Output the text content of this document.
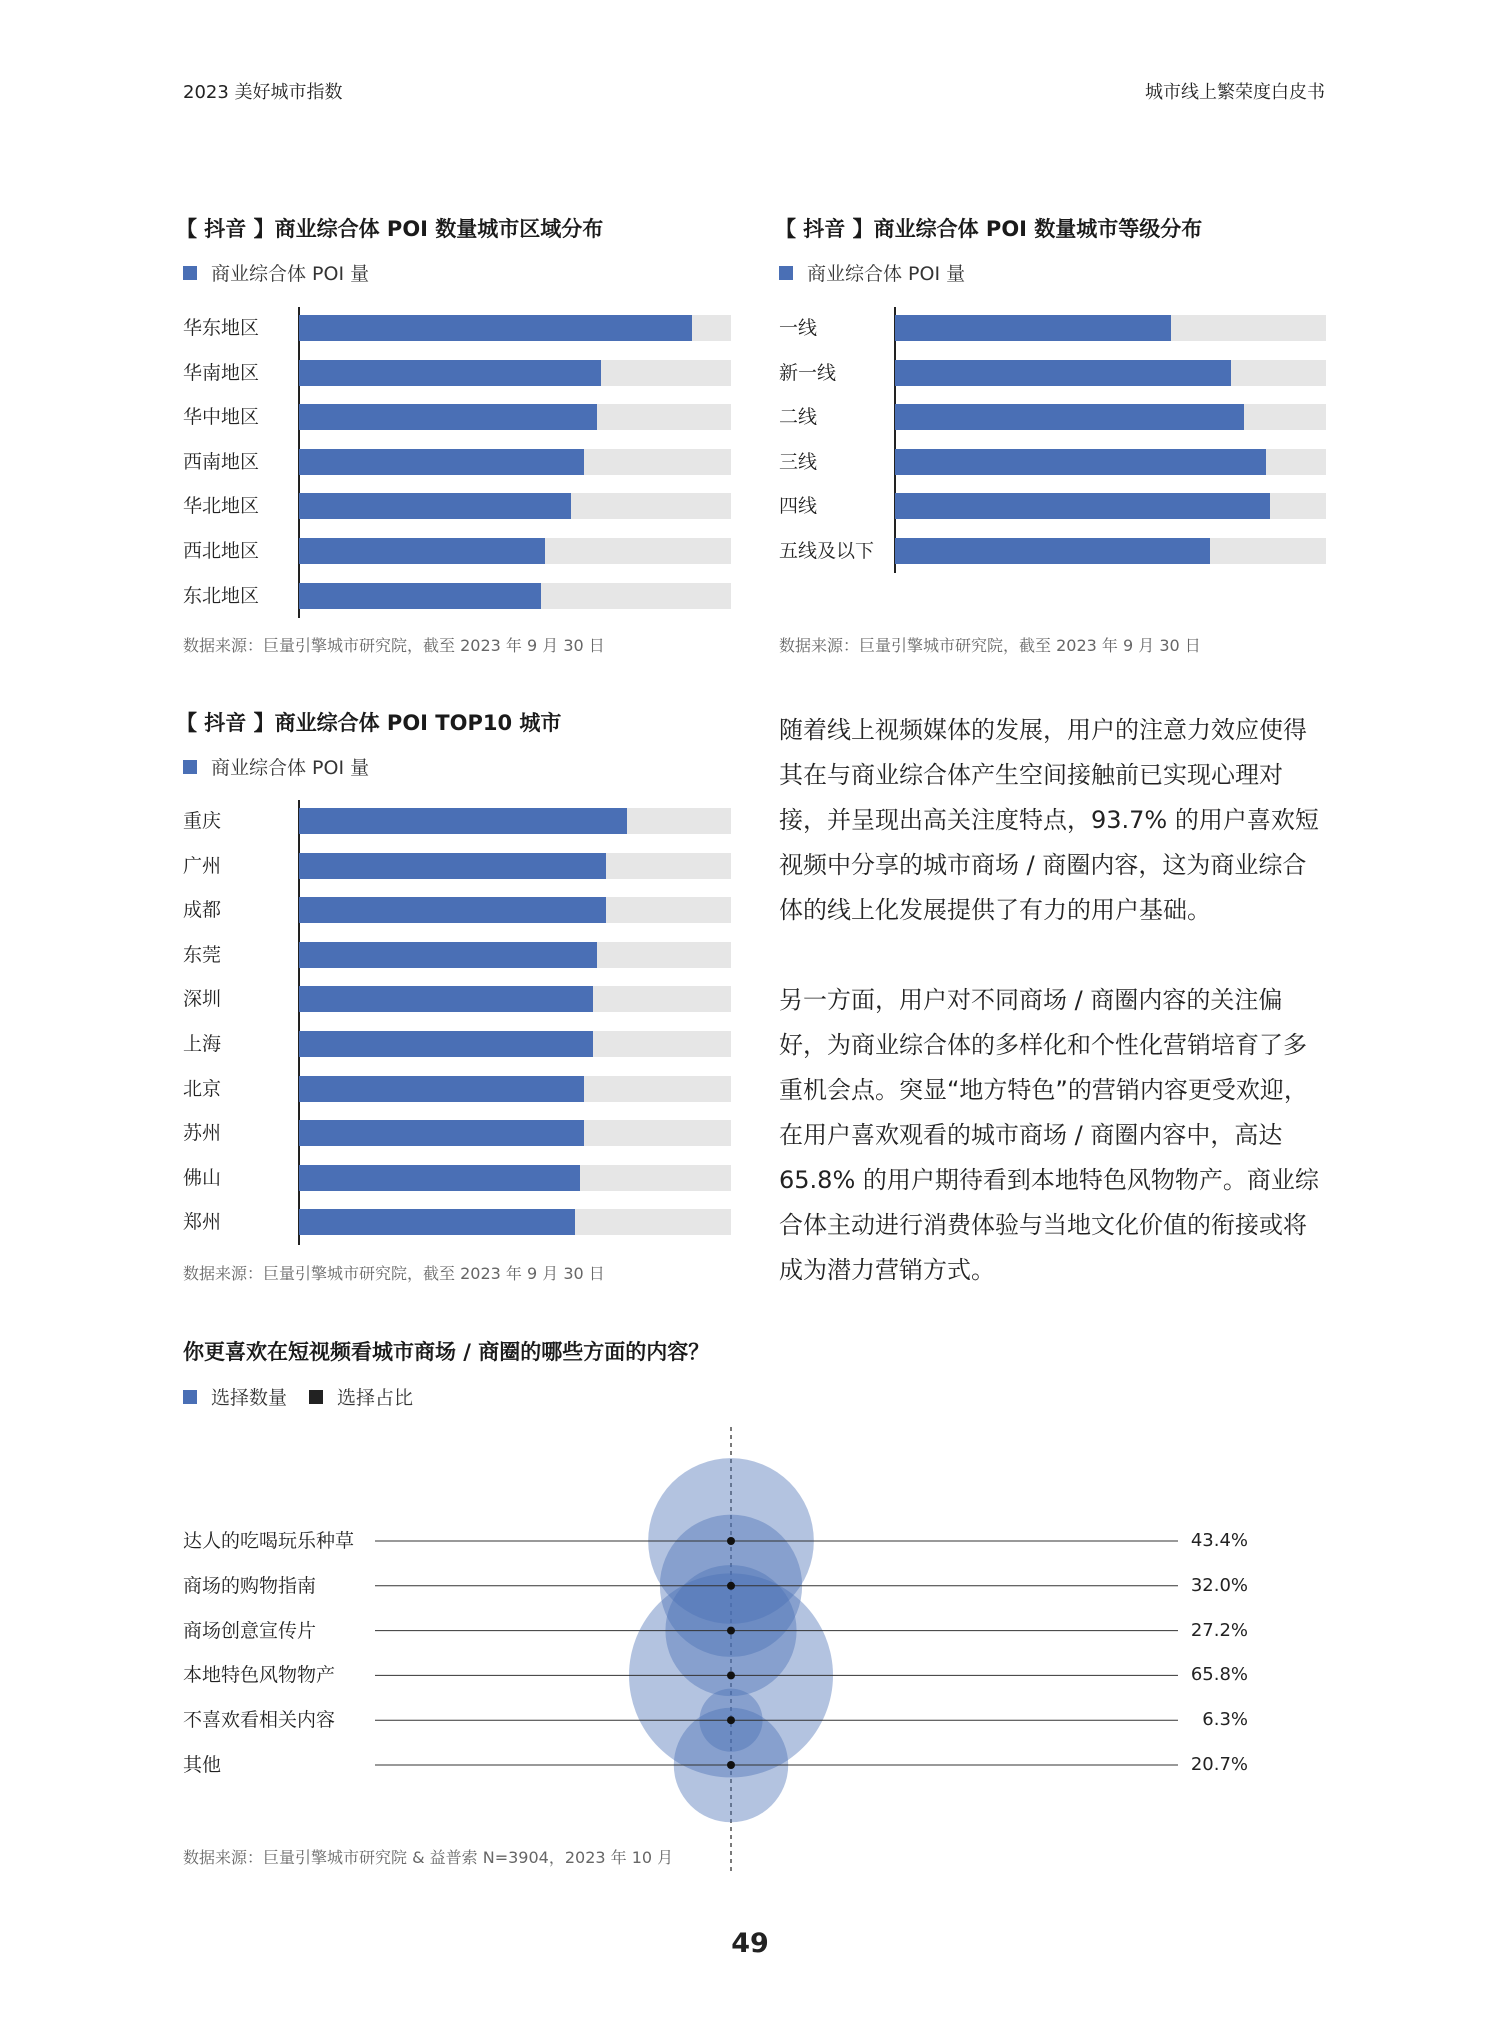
2023 美好城市指数	城市线上繁荣度白皮书
【 抖音 】商业综合体 POI 数量城市区域分布
商业综合体 POI 量
华东地区
华南地区
华中地区
西南地区
华北地区
西北地区
东北地区
数据来源：巨量引擎城市研究院，截至 2023 年 9 月 30 日
【 抖音 】商业综合体 POI 数量城市等级分布
商业综合体 POI 量
一线
新一线
二线
三线
四线
五线及以下
数据来源：巨量引擎城市研究院，截至 2023 年 9 月 30 日
【 抖音 】商业综合体 POI TOP10 城市
商业综合体 POI 量
重庆
广州
成都
东莞
深圳
上海
北京
苏州
佛山
郑州
数据来源：巨量引擎城市研究院，截至 2023 年 9 月 30 日

随着线上视频媒体的发展，用户的注意力效应使得其在与商业综合体产生空间接触前已实现心理对接，并呈现出高关注度特点，93.7% 的用户喜欢短视频中分享的城市商场 / 商圈内容，这为商业综合体的线上化发展提供了有力的用户基础。

另一方面，用户对不同商场 / 商圈内容的关注偏好，为商业综合体的多样化和个性化营销培育了多重机会点。突显“地方特色”的营销内容更受欢迎，在用户喜欢观看的城市商场 / 商圈内容中，高达 65.8% 的用户期待看到本地特色风物物产。商业综合体主动进行消费体验与当地文化价值的衔接或将成为潜力营销方式。

你更喜欢在短视频看城市商场 / 商圈的哪些方面的内容？
选择数量	选择占比
达人的吃喝玩乐种草	43.4%
商场的购物指南	32.0%
商场创意宣传片	27.2%
本地特色风物物产	65.8%
不喜欢看相关内容	6.3%
其他	20.7%
数据来源：巨量引擎城市研究院 & 益普索 N=3904，2023 年 10 月
49
